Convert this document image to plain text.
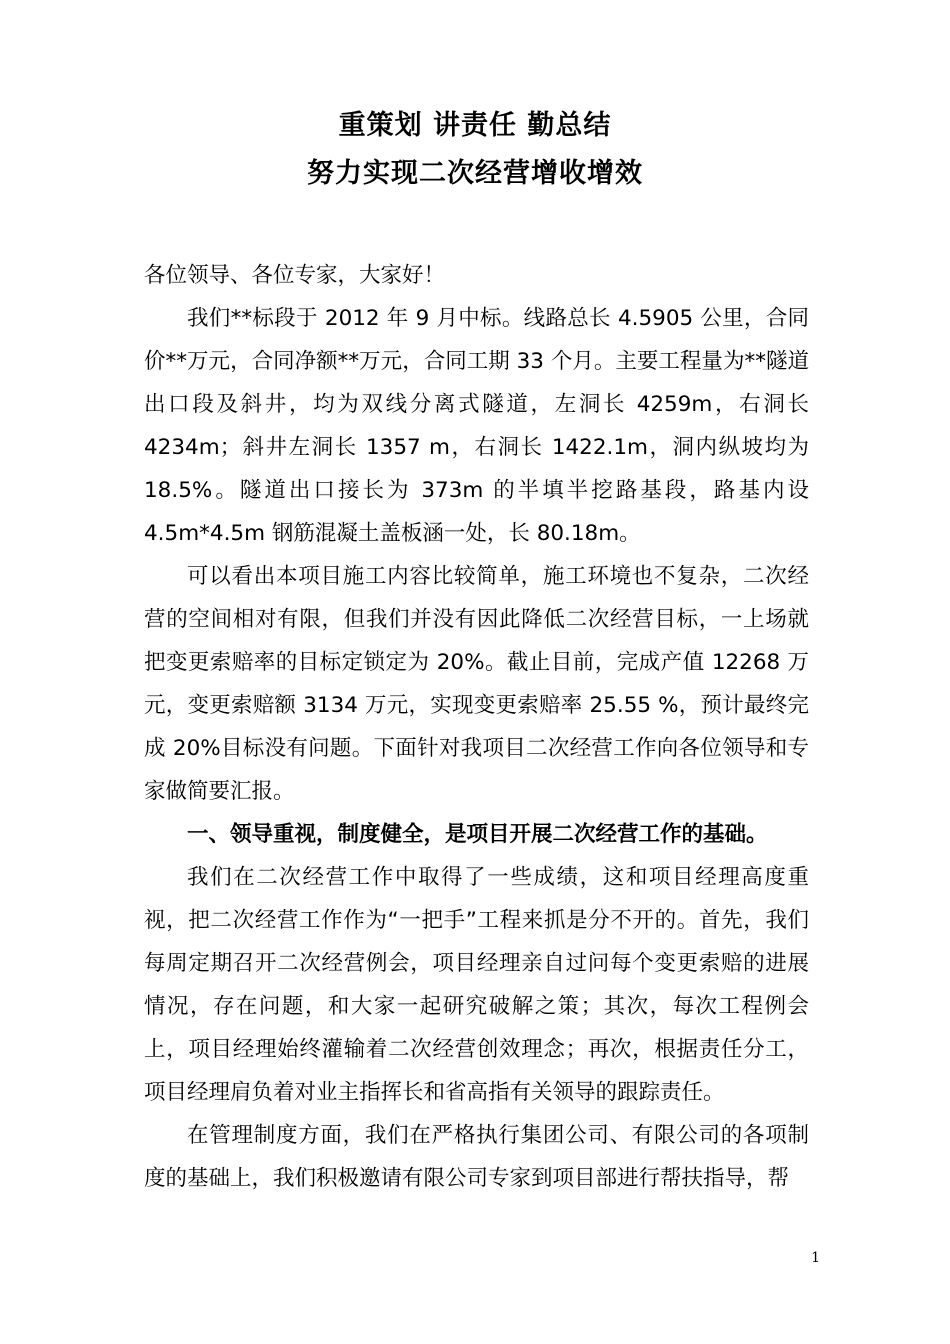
重策划 讲责任 勤总结
努力实现二次经营增收增效

各位领导、各位专家，大家好！

我们**标段于 2012 年 9 月中标。线路总长 4.5905 公里，合同价**万元，合同净额**万元，合同工期 33 个月。主要工程量为**隧道出口段及斜井，均为双线分离式隧道，左洞长 4259m，右洞长 4234m；斜井左洞长 1357 m，右洞长 1422.1m，洞内纵坡均为 18.5%。隧道出口接长为 373m 的半填半挖路基段，路基内设 4.5m*4.5m 钢筋混凝土盖板涵一处，长 80.18m。

可以看出本项目施工内容比较简单，施工环境也不复杂，二次经营的空间相对有限，但我们并没有因此降低二次经营目标，一上场就把变更索赔率的目标定锁定为 20%。截止目前，完成产值 12268 万元，变更索赔额 3134 万元，实现变更索赔率 25.55 %，预计最终完成 20%目标没有问题。下面针对我项目二次经营工作向各位领导和专家做简要汇报。

一、领导重视，制度健全，是项目开展二次经营工作的基础。

我们在二次经营工作中取得了一些成绩，这和项目经理高度重视，把二次经营工作作为“一把手”工程来抓是分不开的。首先，我们每周定期召开二次经营例会，项目经理亲自过问每个变更索赔的进展情况，存在问题，和大家一起研究破解之策；其次，每次工程例会上，项目经理始终灌输着二次经营创效理念；再次，根据责任分工，项目经理肩负着对业主指挥长和省高指有关领导的跟踪责任。

在管理制度方面，我们在严格执行集团公司、有限公司的各项制度的基础上，我们积极邀请有限公司专家到项目部进行帮扶指导，帮

1
